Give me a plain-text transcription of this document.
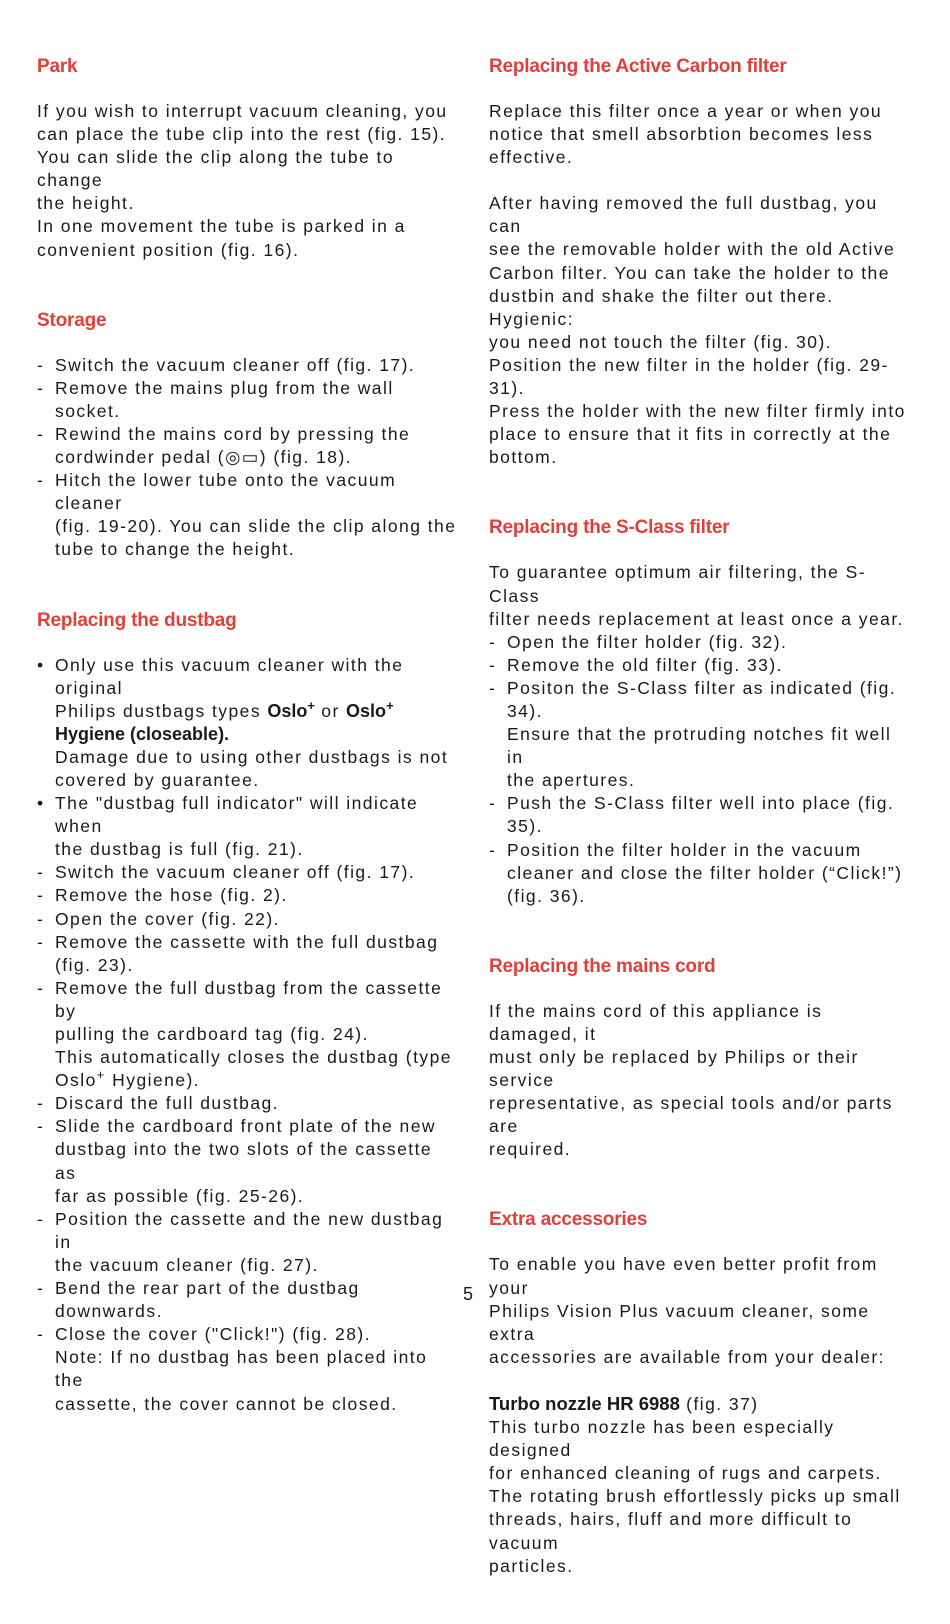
Park

If you wish to interrupt vacuum cleaning, you

can place the tube clip into the rest (fig. 15).

You can slide the clip along the tube to change

the height.

In one movement the tube is parked in a

convenient position (fig. 16).

Storage
- Switch the vacuum cleaner off (fig. 17).

- Remove the mains plug from the wall socket.

- Rewind the mains cord by pressing the

cordwinder pedal (◎▭) (fig. 18).

- Hitch the lower tube onto the vacuum cleaner

(fig. 19-20). You can slide the clip along the

tube to change the height.

Replacing the dustbag
• Only use this vacuum cleaner with the original

Philips dustbags types Oslo+ or Oslo+

Hygiene (closeable).

Damage due to using other dustbags is not

covered by guarantee.

• The "dustbag full indicator" will indicate when

the dustbag is full (fig. 21).

- Switch the vacuum cleaner off (fig. 17).

- Remove the hose (fig. 2).

- Open the cover (fig. 22).

- Remove the cassette with the full dustbag

(fig. 23).

- Remove the full dustbag from the cassette by

pulling the cardboard tag (fig. 24).

This automatically closes the dustbag (type

Oslo+ Hygiene).

- Discard the full dustbag.

- Slide the cardboard front plate of the new

dustbag into the two slots of the cassette as

far as possible (fig. 25-26).

- Position the cassette and the new dustbag in

the vacuum cleaner (fig. 27).

- Bend the rear part of the dustbag downwards.

- Close the cover ("Click!") (fig. 28).

Note: If no dustbag has been placed into the

cassette, the cover cannot be closed.

Replacing the Active Carbon filter

Replace this filter once a year or when you

notice that smell absorbtion becomes less

effective.

After having removed the full dustbag, you can

see the removable holder with the old Active

Carbon filter. You can take the holder to the

dustbin and shake the filter out there. Hygienic:

you need not touch the filter (fig. 30).

Position the new filter in the holder (fig. 29-31).

Press the holder with the new filter firmly into

place to ensure that it fits in correctly at the

bottom.

Replacing the S-Class filter

To guarantee optimum air filtering, the S-Class

filter needs replacement at least once a year.

- Open the filter holder (fig. 32).

- Remove the old filter (fig. 33).

- Positon the S-Class filter as indicated (fig. 34).

Ensure that the protruding notches fit well in

the apertures.

- Push the S-Class filter well into place (fig. 35).

- Position the filter holder in the vacuum

cleaner and close the filter holder (“Click!”)

(fig. 36).

Replacing the mains cord

If the mains cord of this appliance is damaged, it

must only be replaced by Philips or their service

representative, as special tools and/or parts are

required.

Extra accessories

To enable you have even better profit from your

Philips Vision Plus vacuum cleaner, some extra

accessories are available from your dealer:

Turbo nozzle HR 6988 (fig. 37)

This turbo nozzle has been especially designed

for enhanced cleaning of rugs and carpets.

The rotating brush effortlessly picks up small

threads, hairs, fluff and more difficult to vacuum

particles.

5
